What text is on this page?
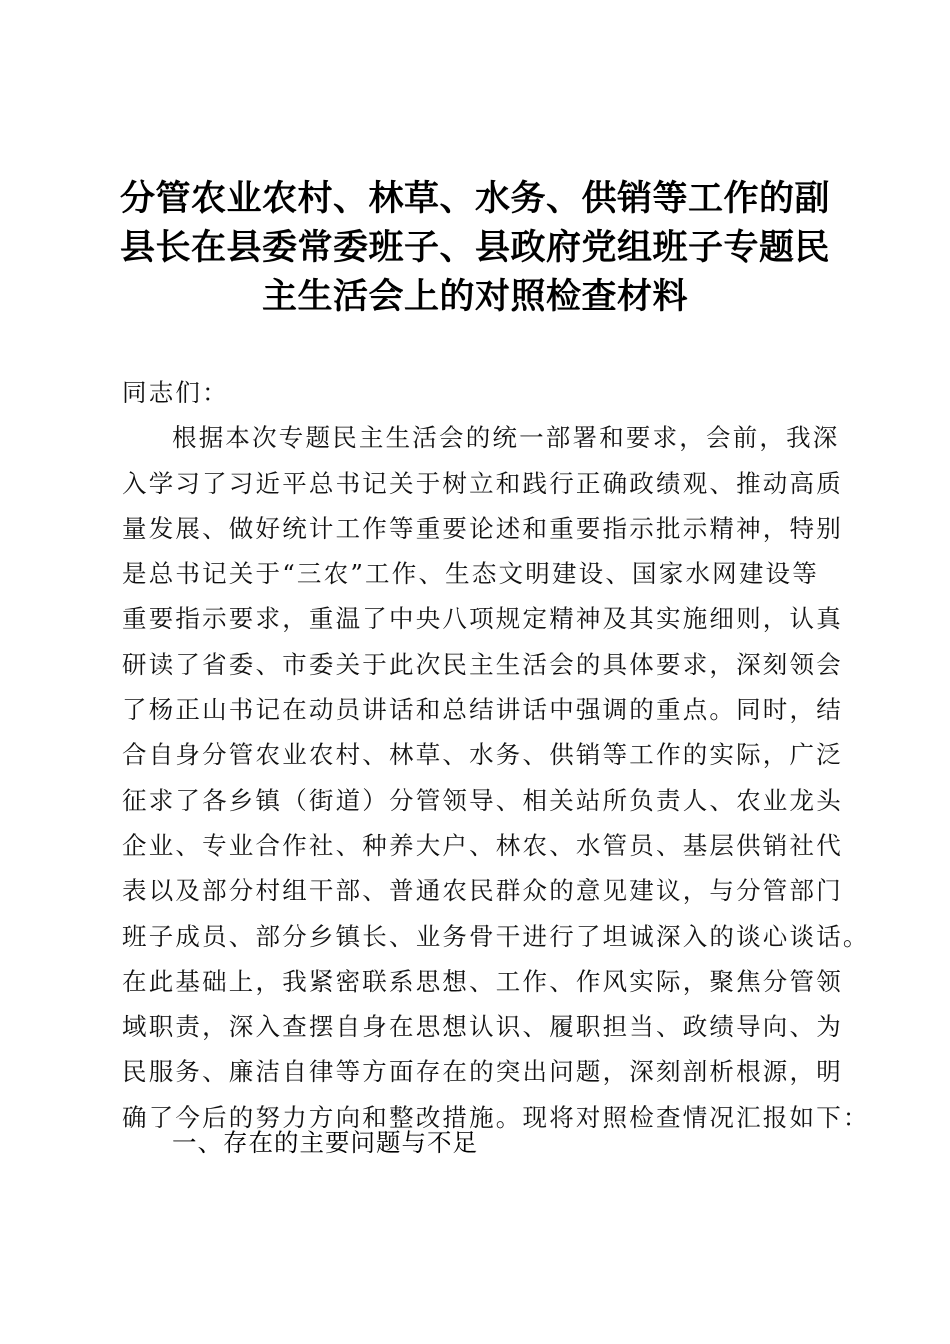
分管农业农村、林草、水务、供销等工作的副
县长在县委常委班子、县政府党组班子专题民
主生活会上的对照检查材料
同志们：
根据本次专题民主生活会的统一部署和要求，会前，我深
入学习了习近平总书记关于树立和践行正确政绩观、推动高质
量发展、做好统计工作等重要论述和重要指示批示精神，特别
是总书记关于“三农”工作、生态文明建设、国家水网建设等
重要指示要求，重温了中央八项规定精神及其实施细则，认真
研读了省委、市委关于此次民主生活会的具体要求，深刻领会
了杨正山书记在动员讲话和总结讲话中强调的重点。同时，结
合自身分管农业农村、林草、水务、供销等工作的实际，广泛
征求了各乡镇（街道）分管领导、相关站所负责人、农业龙头
企业、专业合作社、种养大户、林农、水管员、基层供销社代
表以及部分村组干部、普通农民群众的意见建议，与分管部门
班子成员、部分乡镇长、业务骨干进行了坦诚深入的谈心谈话。
在此基础上，我紧密联系思想、工作、作风实际，聚焦分管领
域职责，深入查摆自身在思想认识、履职担当、政绩导向、为
民服务、廉洁自律等方面存在的突出问题，深刻剖析根源，明
确了今后的努力方向和整改措施。现将对照检查情况汇报如下：
一、存在的主要问题与不足
